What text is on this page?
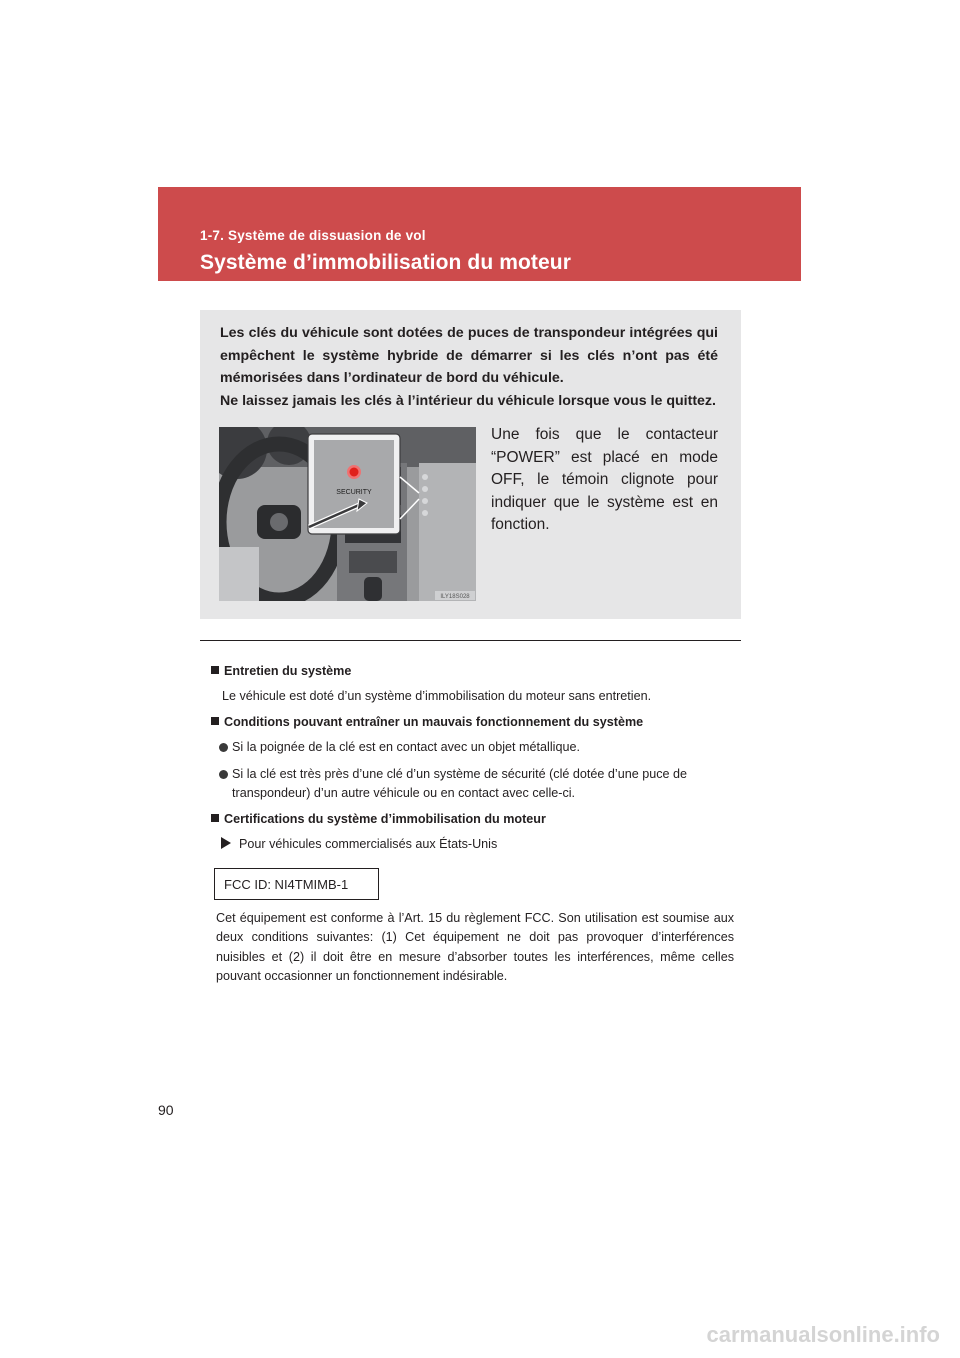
1-7. Système de dissuasion de vol
Système d’immobilisation du moteur

Les clés du véhicule sont dotées de puces de transpondeur intégrées qui empêchent le système hybride de démarrer si les clés n’ont pas été mémorisées dans l’ordinateur de bord du véhicule.

Ne laissez jamais les clés à l’intérieur du véhicule lorsque vous le quittez.

SECURITY
ILY18S028
Une fois que le contacteur “POWER” est placé en mode OFF, le témoin clignote pour indiquer que le système est en fonction.
Entretien du système
Le véhicule est doté d’un système d’immobilisation du moteur sans entretien.
Conditions pouvant entraîner un mauvais fonctionnement du système
Si la poignée de la clé est en contact avec un objet métallique.
Si la clé est très près d’une clé d’un système de sécurité (clé dotée d’une puce de transpondeur) d’un autre véhicule ou en contact avec celle-ci.
Certifications du système d’immobilisation du moteur
Pour véhicules commercialisés aux États-Unis
FCC ID: NI4TMIMB-1
Cet équipement est conforme à l’Art. 15 du règlement FCC. Son utilisation est soumise aux deux conditions suivantes: (1) Cet équipement ne doit pas provoquer d’interférences nuisibles et (2) il doit être en mesure d’absorber toutes les interférences, même celles pouvant occasionner un fonctionnement indésirable.
90
carmanualsonline.info
